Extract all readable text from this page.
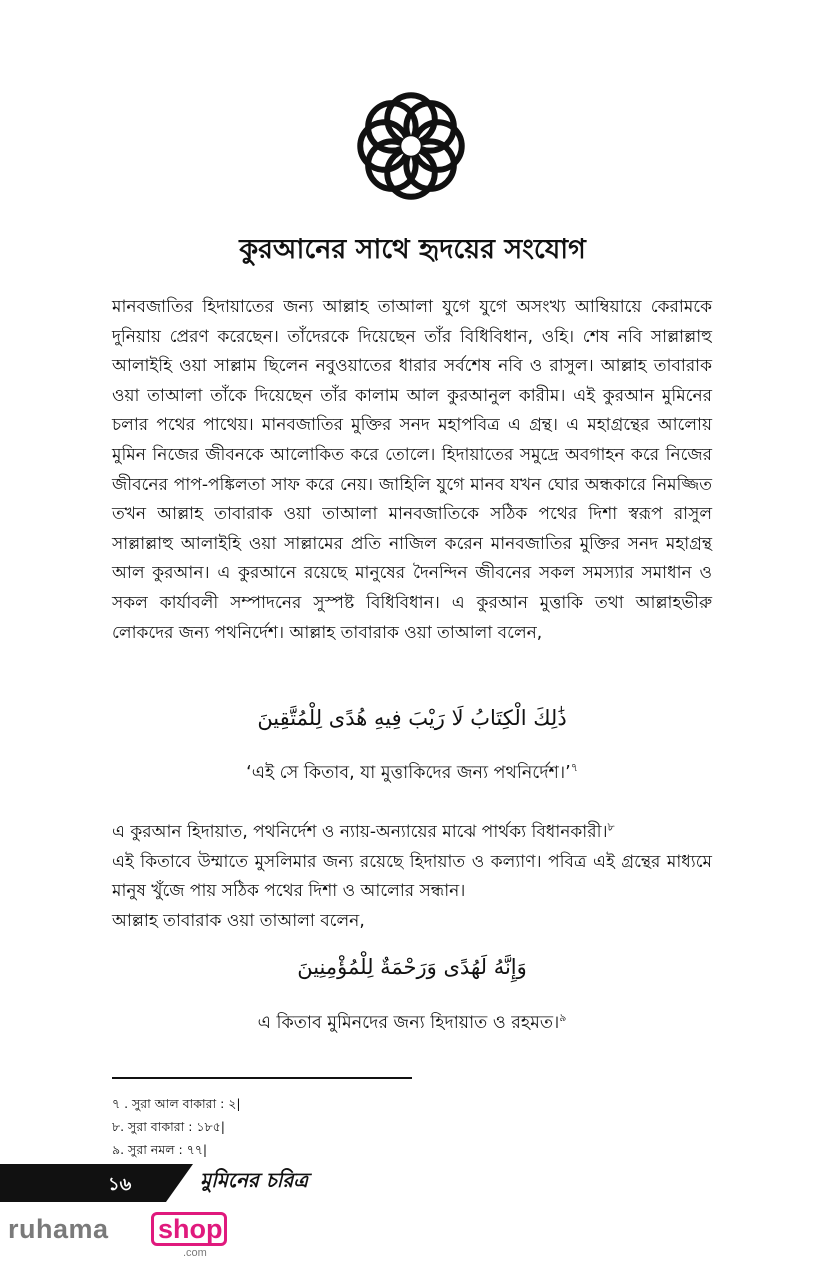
কুরআনের সাথে হৃদয়ের সংযোগ
মানবজাতির হিদায়াতের জন্য আল্লাহ তাআলা যুগে যুগে অসংখ্য আম্বিয়ায়ে কেরামকে দুনিয়ায় প্রেরণ করেছেন। তাঁদেরকে দিয়েছেন তাঁর বিধিবিধান, ওহি। শেষ নবি সাল্লাল্লাহু আলাইহি ওয়া সাল্লাম ছিলেন নবুওয়াতের ধারার সর্বশেষ নবি ও রাসুল। আল্লাহ তাবারাক ওয়া তাআলা তাঁকে দিয়েছেন তাঁর কালাম আল কুরআনুল কারীম। এই কুরআন মুমিনের চলার পথের পাথেয়। মানবজাতির মুক্তির সনদ মহাপবিত্র এ গ্রন্থ। এ মহাগ্রন্থের আলোয় মুমিন নিজের জীবনকে আলোকিত করে তোলে। হিদায়াতের সমুদ্রে অবগাহন করে নিজের জীবনের পাপ-পঙ্কিলতা সাফ করে নেয়। জাহিলি যুগে মানব যখন ঘোর অন্ধকারে নিমজ্জিত তখন আল্লাহ তাবারাক ওয়া তাআলা মানবজাতিকে সঠিক পথের দিশা স্বরূপ রাসুল সাল্লাল্লাহু আলাইহি ওয়া সাল্লামের প্রতি নাজিল করেন মানবজাতির মুক্তির সনদ মহাগ্রন্থ আল কুরআন। এ কুরআনে রয়েছে মানুষের দৈনন্দিন জীবনের সকল সমস্যার সমাধান ও সকল কার্যাবলী সম্পাদনের সুস্পষ্ট বিধিবিধান। এ কুরআন মুত্তাকি তথা আল্লাহভীরু লোকদের জন্য পথনির্দেশ। আল্লাহ তাবারাক ওয়া তাআলা বলেন,
ذَٰلِكَ الْكِتَابُ لَا رَيْبَ فِيهِ هُدًى لِلْمُتَّقِينَ
‘এই সে কিতাব, যা মুত্তাকিদের জন্য পথনির্দেশ।’$^৭$
এ কুরআন হিদায়াত, পথনির্দেশ ও ন্যায়-অন্যায়ের মাঝে পার্থক্য বিধানকারী।$^৮$
এই কিতাবে উম্মাতে মুসলিমার জন্য রয়েছে হিদায়াত ও কল্যাণ। পবিত্র এই গ্রন্থের মাধ্যমে মানুষ খুঁজে পায় সঠিক পথের দিশা ও আলোর সন্ধান।
আল্লাহ তাবারাক ওয়া তাআলা বলেন,
وَإِنَّهُ لَهُدًى وَرَحْمَةٌ لِلْمُؤْمِنِينَ
এ কিতাব মুমিনদের জন্য হিদায়াত ও রহমত।$^৯$
৭ . সুরা আল বাকারা : ২|
৮. সুরা বাকারা : ১৮৫|
৯. সুরা নমল : ৭৭|
১৬	মুমিনের চরিত্র
ruhama shop
.com
